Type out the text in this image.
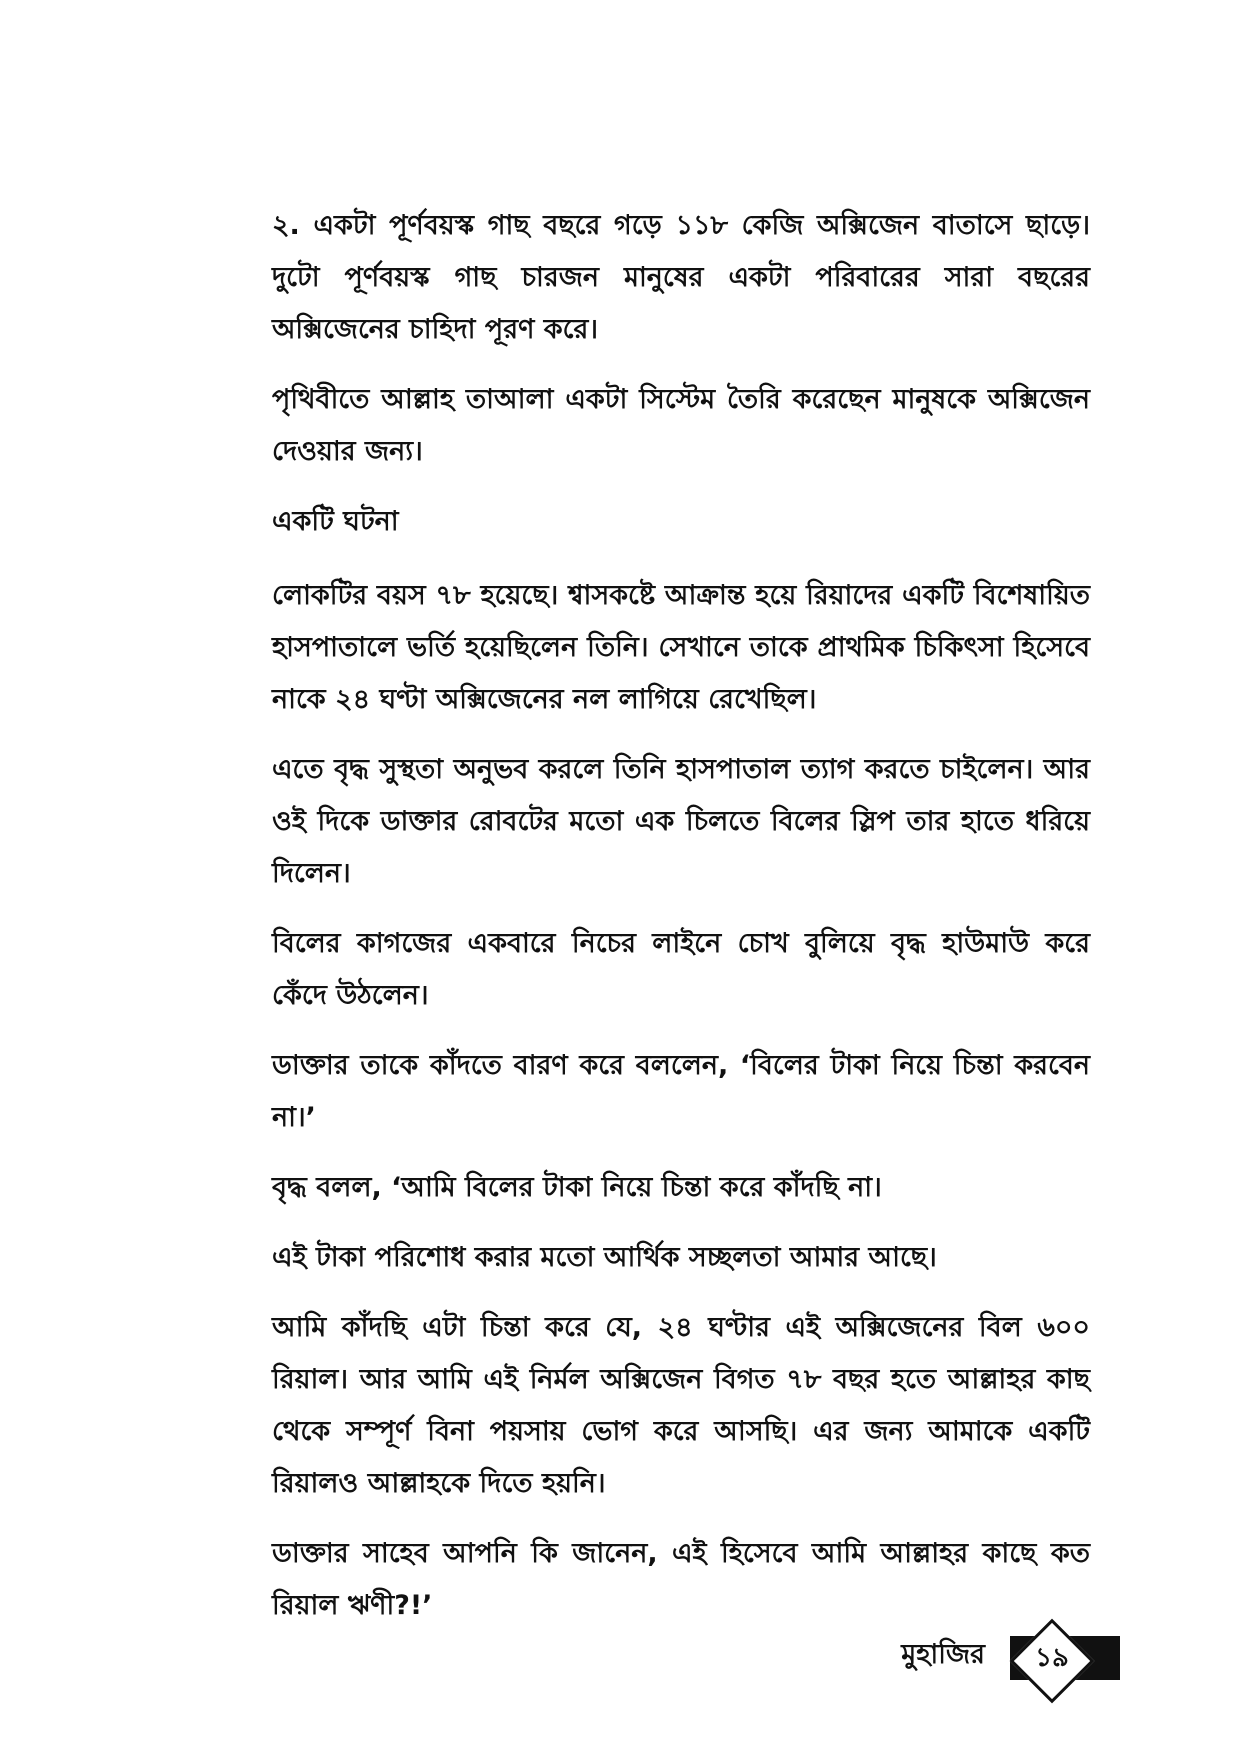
২. একটা পূর্ণবয়স্ক গাছ বছরে গড়ে ১১৮ কেজি অক্সিজেন বাতাসে ছাড়ে। দুটো পূর্ণবয়স্ক গাছ চারজন মানুষের একটা পরিবারের সারা বছরের অক্সিজেনের চাহিদা পূরণ করে।

পৃথিবীতে আল্লাহ তাআলা একটা সিস্টেম তৈরি করেছেন মানুষকে অক্সিজেন দেওয়ার জন্য।

একটি ঘটনা

লোকটির বয়স ৭৮ হয়েছে। শ্বাসকষ্টে আক্রান্ত হয়ে রিয়াদের একটি বিশেষায়িত হাসপাতালে ভর্তি হয়েছিলেন তিনি। সেখানে তাকে প্রাথমিক চিকিৎসা হিসেবে নাকে ২৪ ঘণ্টা অক্সিজেনের নল লাগিয়ে রেখেছিল।

এতে বৃদ্ধ সুস্থতা অনুভব করলে তিনি হাসপাতাল ত্যাগ করতে চাইলেন। আর ওই দিকে ডাক্তার রোবটের মতো এক চিলতে বিলের স্লিপ তার হাতে ধরিয়ে দিলেন।

বিলের কাগজের একবারে নিচের লাইনে চোখ বুলিয়ে বৃদ্ধ হাউমাউ করে কেঁদে উঠলেন।

ডাক্তার তাকে কাঁদতে বারণ করে বললেন, ‘বিলের টাকা নিয়ে চিন্তা করবেন না।’

বৃদ্ধ বলল, ‘আমি বিলের টাকা নিয়ে চিন্তা করে কাঁদছি না।

এই টাকা পরিশোধ করার মতো আর্থিক সচ্ছলতা আমার আছে।

আমি কাঁদছি এটা চিন্তা করে যে, ২৪ ঘণ্টার এই অক্সিজেনের বিল ৬০০ রিয়াল। আর আমি এই নির্মল অক্সিজেন বিগত ৭৮ বছর হতে আল্লাহর কাছ থেকে সম্পূর্ণ বিনা পয়সায় ভোগ করে আসছি। এর জন্য আমাকে একটি রিয়ালও আল্লাহকে দিতে হয়নি।

ডাক্তার সাহেব আপনি কি জানেন, এই হিসেবে আমি আল্লাহর কাছে কত রিয়াল ঋণী?!’

মুহাজির	১৯
